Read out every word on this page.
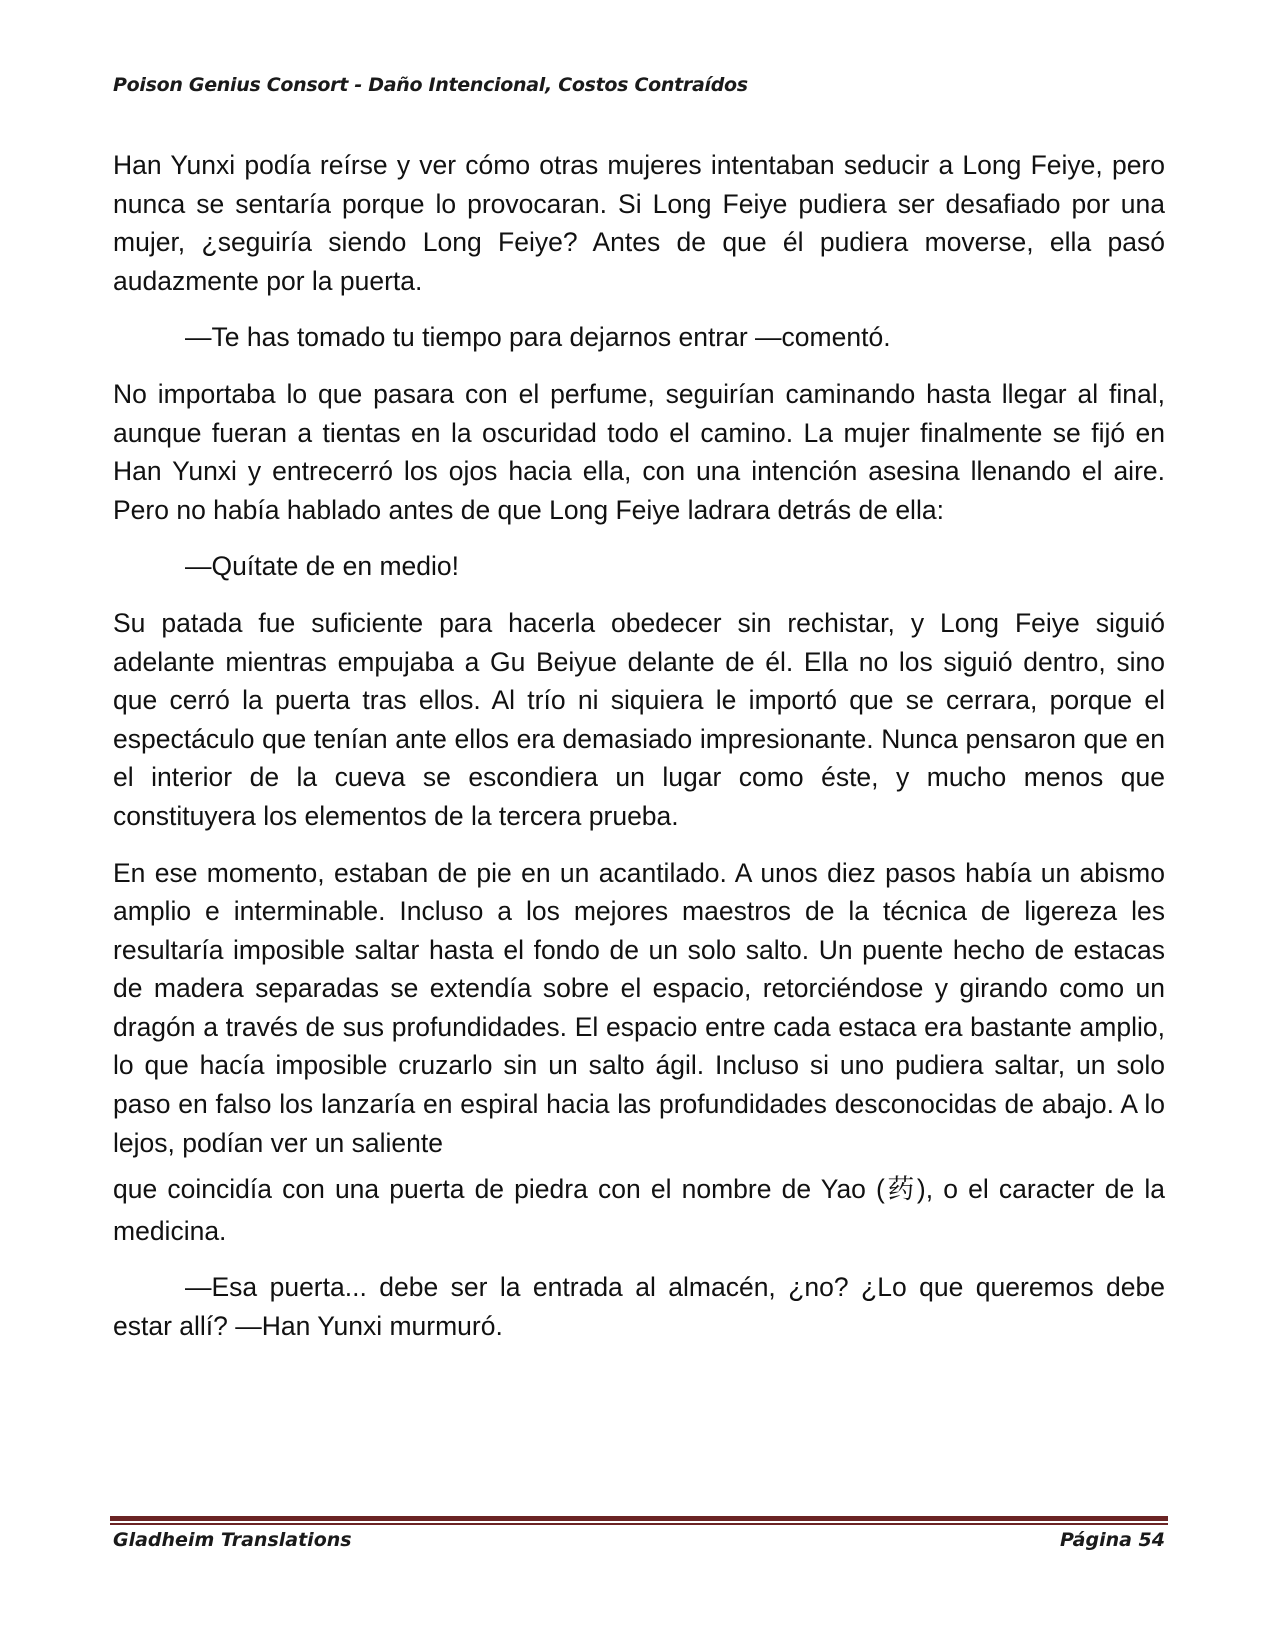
Poison Genius Consort - Daño Intencional, Costos Contraídos

Han Yunxi podía reírse y ver cómo otras mujeres intentaban seducir a Long Feiye, pero nunca se sentaría porque lo provocaran. Si Long Feiye pudiera ser desafiado por una mujer, ¿seguiría siendo Long Feiye? Antes de que él pudiera moverse, ella pasó audazmente por la puerta.

—Te has tomado tu tiempo para dejarnos entrar —comentó.

No importaba lo que pasara con el perfume, seguirían caminando hasta llegar al final, aunque fueran a tientas en la oscuridad todo el camino. La mujer finalmente se fijó en Han Yunxi y entrecerró los ojos hacia ella, con una intención asesina llenando el aire. Pero no había hablado antes de que Long Feiye ladrara detrás de ella:

—Quítate de en medio!

Su patada fue suficiente para hacerla obedecer sin rechistar, y Long Feiye siguió adelante mientras empujaba a Gu Beiyue delante de él. Ella no los siguió dentro, sino que cerró la puerta tras ellos. Al trío ni siquiera le importó que se cerrara, porque el espectáculo que tenían ante ellos era demasiado impresionante. Nunca pensaron que en el interior de la cueva se escondiera un lugar como éste, y mucho menos que constituyera los elementos de la tercera prueba.

En ese momento, estaban de pie en un acantilado. A unos diez pasos había un abismo amplio e interminable. Incluso a los mejores maestros de la técnica de ligereza les resultaría imposible saltar hasta el fondo de un solo salto. Un puente hecho de estacas de madera separadas se extendía sobre el espacio, retorciéndose y girando como un dragón a través de sus profundidades. El espacio entre cada estaca era bastante amplio, lo que hacía imposible cruzarlo sin un salto ágil. Incluso si uno pudiera saltar, un solo paso en falso los lanzaría en espiral hacia las profundidades desconocidas de abajo. A lo lejos, podían ver un saliente

que coincidía con una puerta de piedra con el nombre de Yao (药), o el caracter de la medicina.

—Esa puerta... debe ser la entrada al almacén, ¿no? ¿Lo que queremos debe estar allí? —Han Yunxi murmuró.

Gladheim Translations	Página 54
